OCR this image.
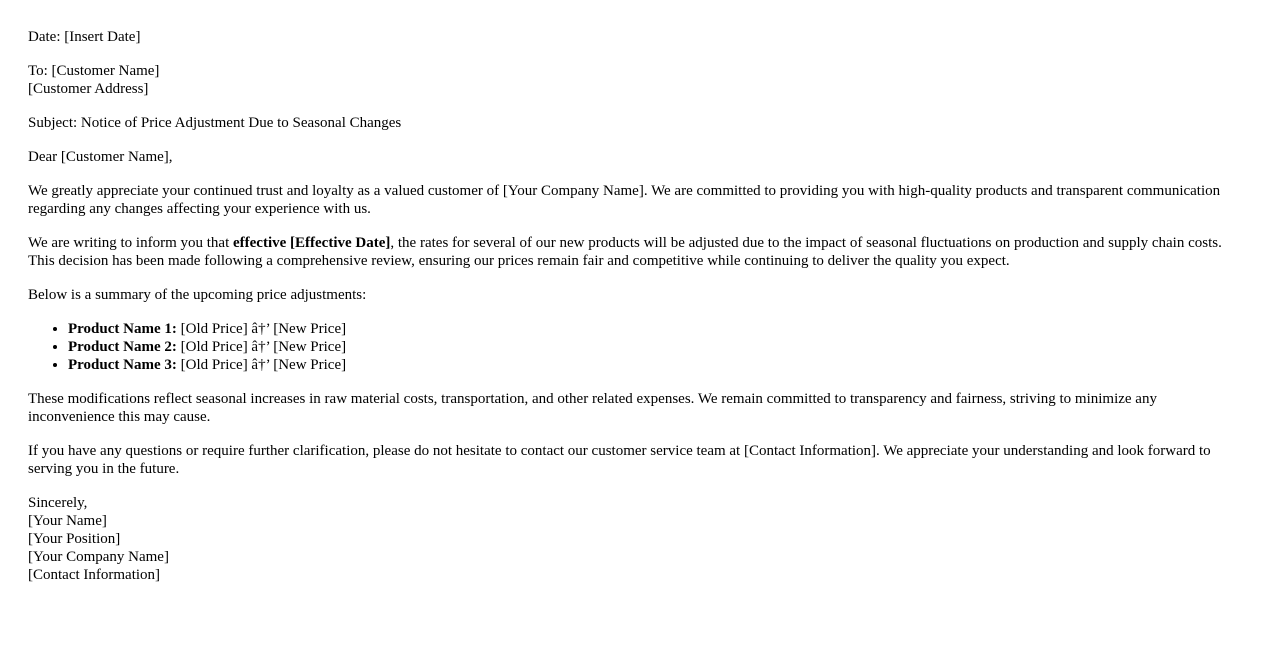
Date: [Insert Date]

To: [Customer Name]
[Customer Address]

Subject: Notice of Price Adjustment Due to Seasonal Changes

Dear [Customer Name],

We greatly appreciate your continued trust and loyalty as a valued customer of [Your Company Name]. We are committed to providing you with high-quality products and transparent communication regarding any changes affecting your experience with us.

We are writing to inform you that effective [Effective Date], the rates for several of our new products will be adjusted due to the impact of seasonal fluctuations on production and supply chain costs. This decision has been made following a comprehensive review, ensuring our prices remain fair and competitive while continuing to deliver the quality you expect.

Below is a summary of the upcoming price adjustments:

• Product Name 1: [Old Price] â†’ [New Price]
• Product Name 2: [Old Price] â†’ [New Price]
• Product Name 3: [Old Price] â†’ [New Price]

These modifications reflect seasonal increases in raw material costs, transportation, and other related expenses. We remain committed to transparency and fairness, striving to minimize any inconvenience this may cause.

If you have any questions or require further clarification, please do not hesitate to contact our customer service team at [Contact Information]. We appreciate your understanding and look forward to serving you in the future.

Sincerely,
[Your Name]
[Your Position]
[Your Company Name]
[Contact Information]
